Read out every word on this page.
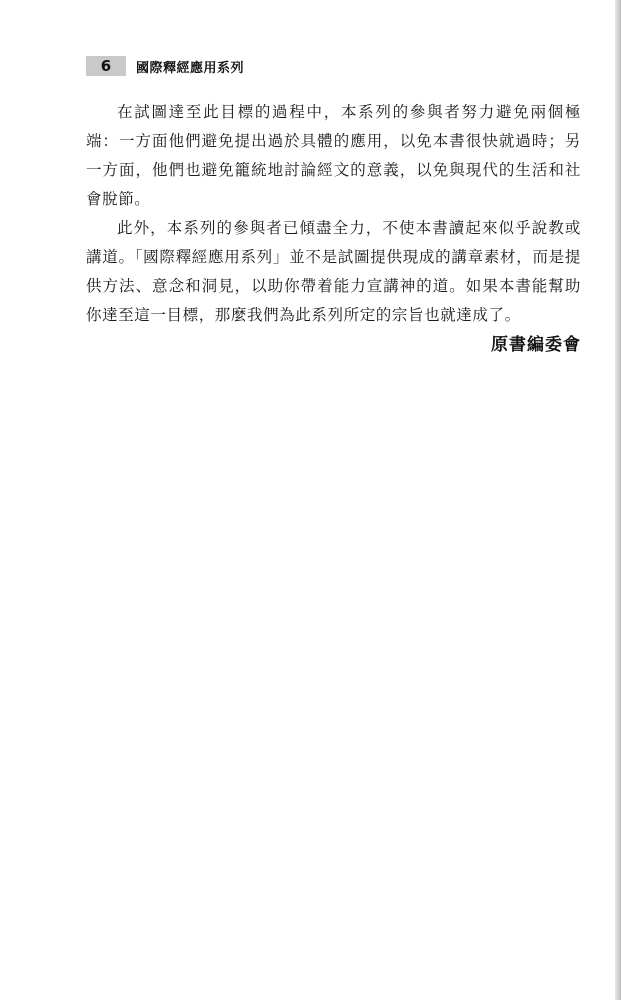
6	國際釋經應用系列

在試圖達至此目標的過程中，本系列的參與者努力避免兩個極端：一方面他們避免提出過於具體的應用，以免本書很快就過時；另一方面，他們也避免籠統地討論經文的意義，以免與現代的生活和社會脫節。

此外，本系列的參與者已傾盡全力，不使本書讀起來似乎說教或講道。「國際釋經應用系列」並不是試圖提供現成的講章素材，而是提供方法、意念和洞見，以助你帶着能力宣講神的道。如果本書能幫助你達至這一目標，那麼我們為此系列所定的宗旨也就達成了。

原書編委會
